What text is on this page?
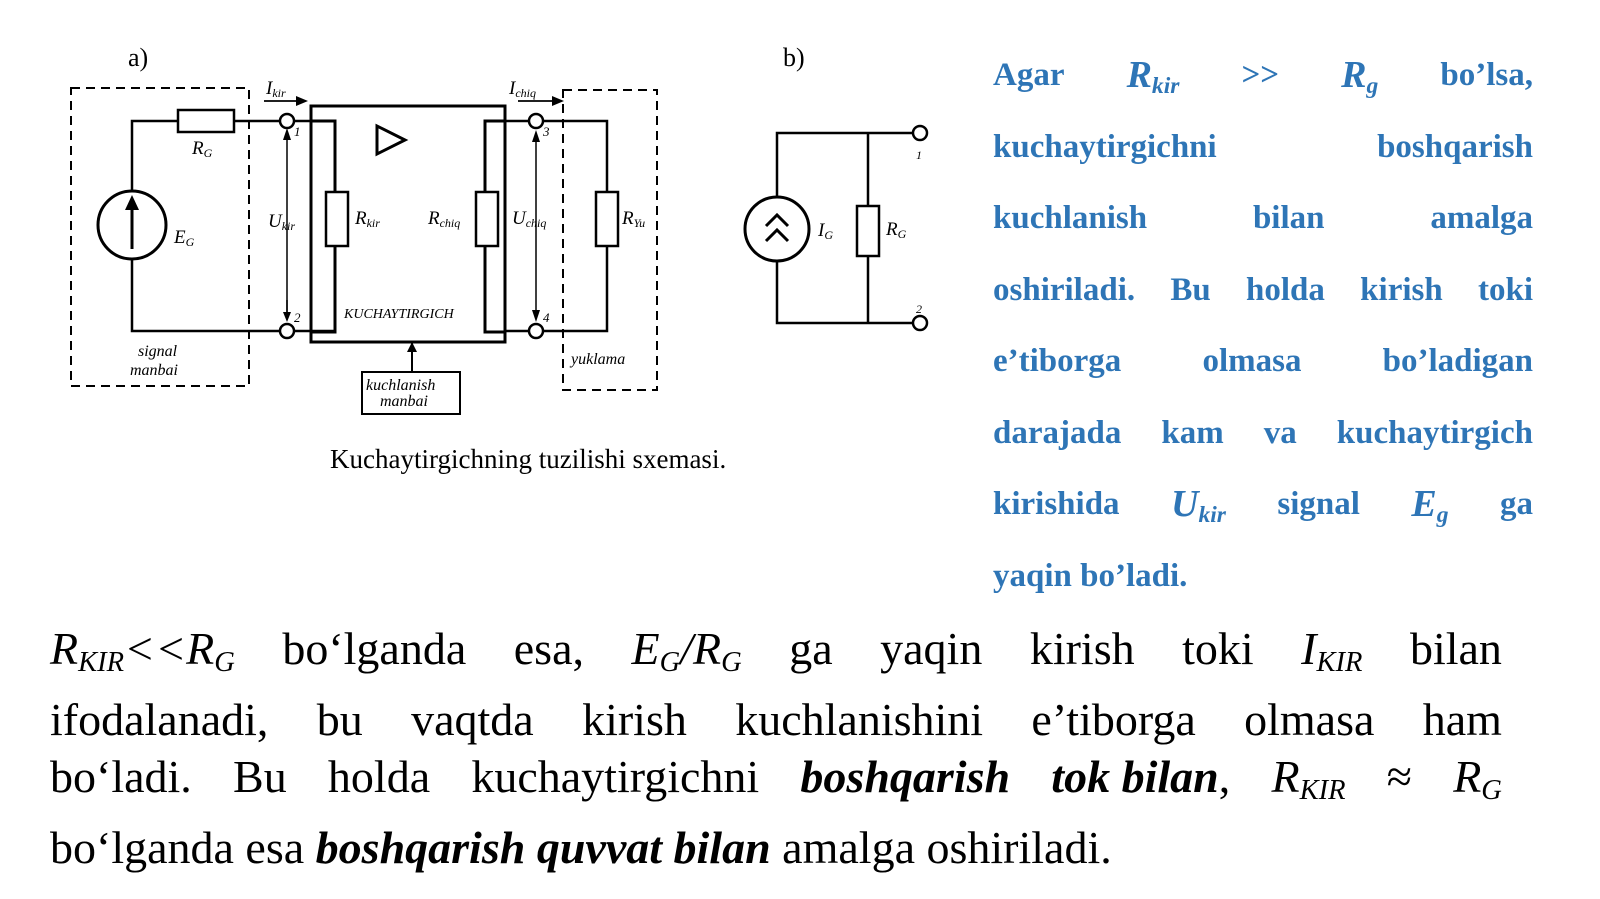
a)
Ikir	Ichiq
RG
EG
Ukir	Rkir	Rchiq	Uchiq	RYu
1
2
3
4
KUCHAYTIRGICH
signal
manbai
kuchlanish
manbai
yuklama
b)
IG	RG
1
2
Kuchaytirgichning tuzilishi sxemasi.
Agar $R_{kir} >> R_g$ bo’lsa,
kuchaytirgichni	boshqarish
kuchlanish	bilan	amalga
oshiriladi. Bu holda kirish toki
e’tiborga olmasa bo’ladigan
darajada kam va kuchaytirgich
kirishida $U_{kir}$ signal $E_g$ ga
yaqin bo’ladi.
$R_{KIR}<<R_G$ bo‘lganda esa, $E_G/R_G$ ga yaqin kirish toki $I_{KIR}$ bilan
ifodalanadi, bu vaqtda kirish kuchlanishini e’tiborga olmasa ham
bo‘ladi. Bu holda kuchaytirgichni boshqarish tok bilan, $R_{KIR} \approx R_G$
bo‘lganda esa boshqarish quvvat bilan amalga oshiriladi.
